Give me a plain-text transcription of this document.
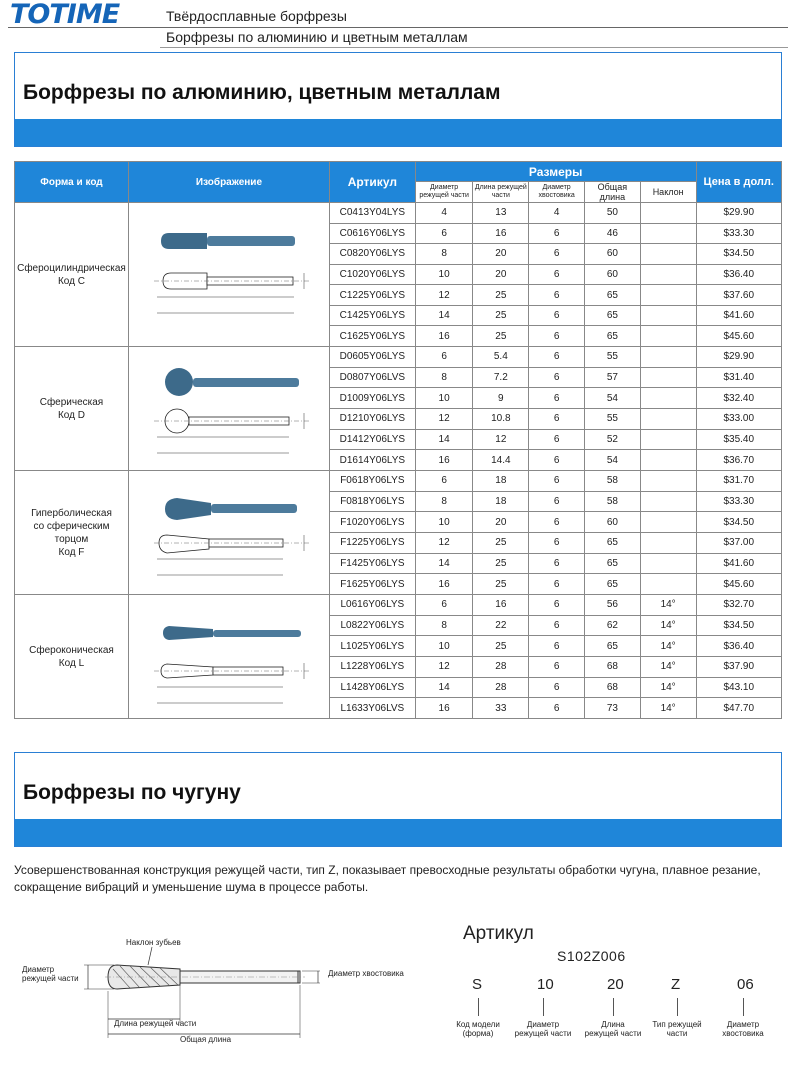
TOTIME	Твёрдосплавные борфрезы
Борфрезы по алюминию и цветным металлам
Борфрезы по алюминию, цветным металлам
Форма и код	Изображение	Артикул	Размеры					Цена в долл.
			Диаметр режущей части	Длина режущей части	Диаметр хвостовика	Общая длина	Наклон	

Сфероцилиндрическая
Код C		C0413Y04LYS	4	13	4	50		$29.90
		C0616Y06LYS	6	16	6	46		$33.30
		C0820Y06LYS	8	20	6	60		$34.50
		C1020Y06LYS	10	20	6	60		$36.40
		C1225Y06LYS	12	25	6	65		$37.60
		C1425Y06LYS	14	25	6	65		$41.60
		C1625Y06LYS	16	25	6	65		$45.60

Сферическая
Код D		D0605Y06LYS	6	5.4	6	55		$29.90
		D0807Y06LVS	8	7.2	6	57		$31.40
		D1009Y06LYS	10	9	6	54		$32.40
		D1210Y06LYS	12	10.8	6	55		$33.00
		D1412Y06LYS	14	12	6	52		$35.40
		D1614Y06LYS	16	14.4	6	54		$36.70

Гиперболическая
со сферическим
торцом
Код F		F0618Y06LYS	6	18	6	58		$31.70
		F0818Y06LYS	8	18	6	58		$33.30
		F1020Y06LYS	10	20	6	60		$34.50
		F1225Y06LYS	12	25	6	65		$37.00
		F1425Y06LYS	14	25	6	65		$41.60
		F1625Y06LYS	16	25	6	65		$45.60

Сфероконическая
Код L		L0616Y06LYS	6	16	6	56	14°	$32.70
		L0822Y06LYS	8	22	6	62	14°	$34.50
		L1025Y06LYS	10	25	6	65	14°	$36.40
		L1228Y06LYS	12	28	6	68	14°	$37.90
		L1428Y06LYS	14	28	6	68	14°	$43.10
		L1633Y06LVS	16	33	6	73	14°	$47.70
Борфрезы по чугуну
Усовершенствованная конструкция режущей части, тип Z, показывает превосходные результаты обработки чугуна, плавное резание, сокращение вибраций и уменьшение шума в процессе работы.
Наклон зубьев
Диаметр
режущей части
Диаметр хвостовика
Длина режущей части
Общая длина
Артикул
S102Z006
S
Код модели
(форма)
10
Диаметр
режущей части
20
Длина
режущей части
Z
Тип режущей
части
06
Диаметр
хвостовика
